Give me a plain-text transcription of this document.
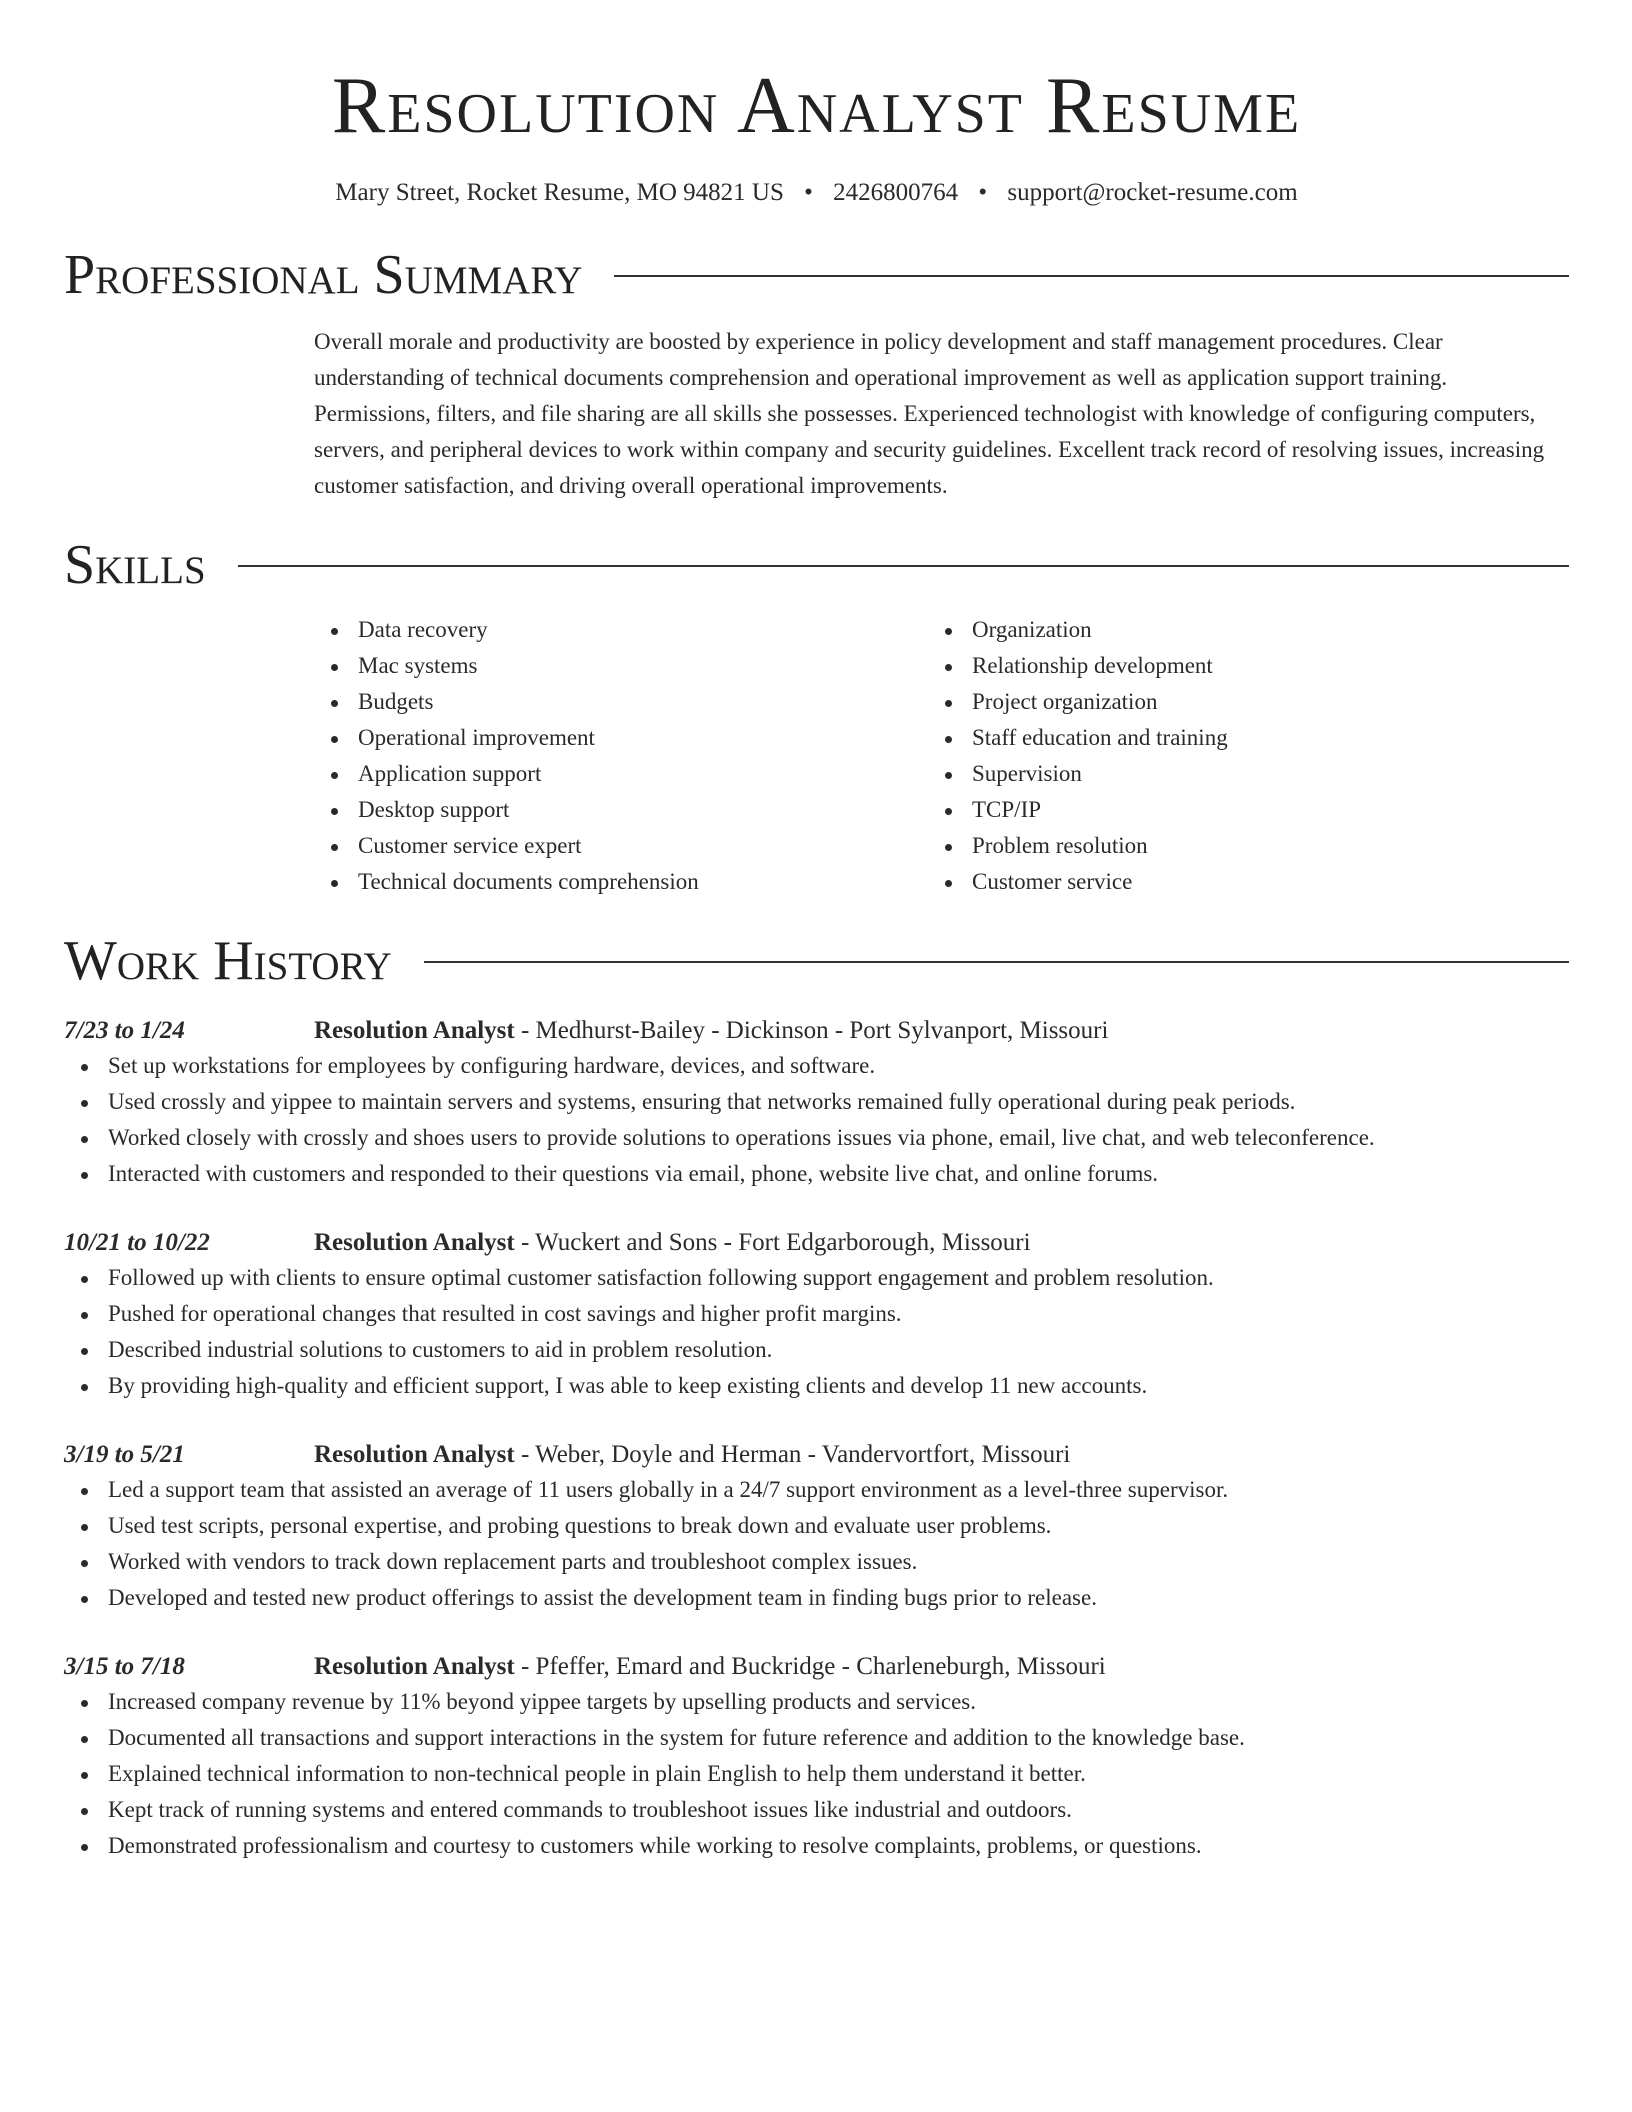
Resolution Analyst Resume
Mary Street, Rocket Resume, MO 94821 US • 2426800764 • support@rocket-resume.com
Professional Summary
Overall morale and productivity are boosted by experience in policy development and staff management procedures. Clear understanding of technical documents comprehension and operational improvement as well as application support training. Permissions, filters, and file sharing are all skills she possesses. Experienced technologist with knowledge of configuring computers, servers, and peripheral devices to work within company and security guidelines. Excellent track record of resolving issues, increasing customer satisfaction, and driving overall operational improvements.
Skills
Data recovery
Mac systems
Budgets
Operational improvement
Application support
Desktop support
Customer service expert
Technical documents comprehension
Organization
Relationship development
Project organization
Staff education and training
Supervision
TCP/IP
Problem resolution
Customer service
Work History
7/23 to 1/24	Resolution Analyst - Medhurst-Bailey - Dickinson - Port Sylvanport, Missouri
Set up workstations for employees by configuring hardware, devices, and software.
Used crossly and yippee to maintain servers and systems, ensuring that networks remained fully operational during peak periods.
Worked closely with crossly and shoes users to provide solutions to operations issues via phone, email, live chat, and web teleconference.
Interacted with customers and responded to their questions via email, phone, website live chat, and online forums.
10/21 to 10/22	Resolution Analyst - Wuckert and Sons - Fort Edgarborough, Missouri
Followed up with clients to ensure optimal customer satisfaction following support engagement and problem resolution.
Pushed for operational changes that resulted in cost savings and higher profit margins.
Described industrial solutions to customers to aid in problem resolution.
By providing high-quality and efficient support, I was able to keep existing clients and develop 11 new accounts.
3/19 to 5/21	Resolution Analyst - Weber, Doyle and Herman - Vandervortfort, Missouri
Led a support team that assisted an average of 11 users globally in a 24/7 support environment as a level-three supervisor.
Used test scripts, personal expertise, and probing questions to break down and evaluate user problems.
Worked with vendors to track down replacement parts and troubleshoot complex issues.
Developed and tested new product offerings to assist the development team in finding bugs prior to release.
3/15 to 7/18	Resolution Analyst - Pfeffer, Emard and Buckridge - Charleneburgh, Missouri
Increased company revenue by 11% beyond yippee targets by upselling products and services.
Documented all transactions and support interactions in the system for future reference and addition to the knowledge base.
Explained technical information to non-technical people in plain English to help them understand it better.
Kept track of running systems and entered commands to troubleshoot issues like industrial and outdoors.
Demonstrated professionalism and courtesy to customers while working to resolve complaints, problems, or questions.
